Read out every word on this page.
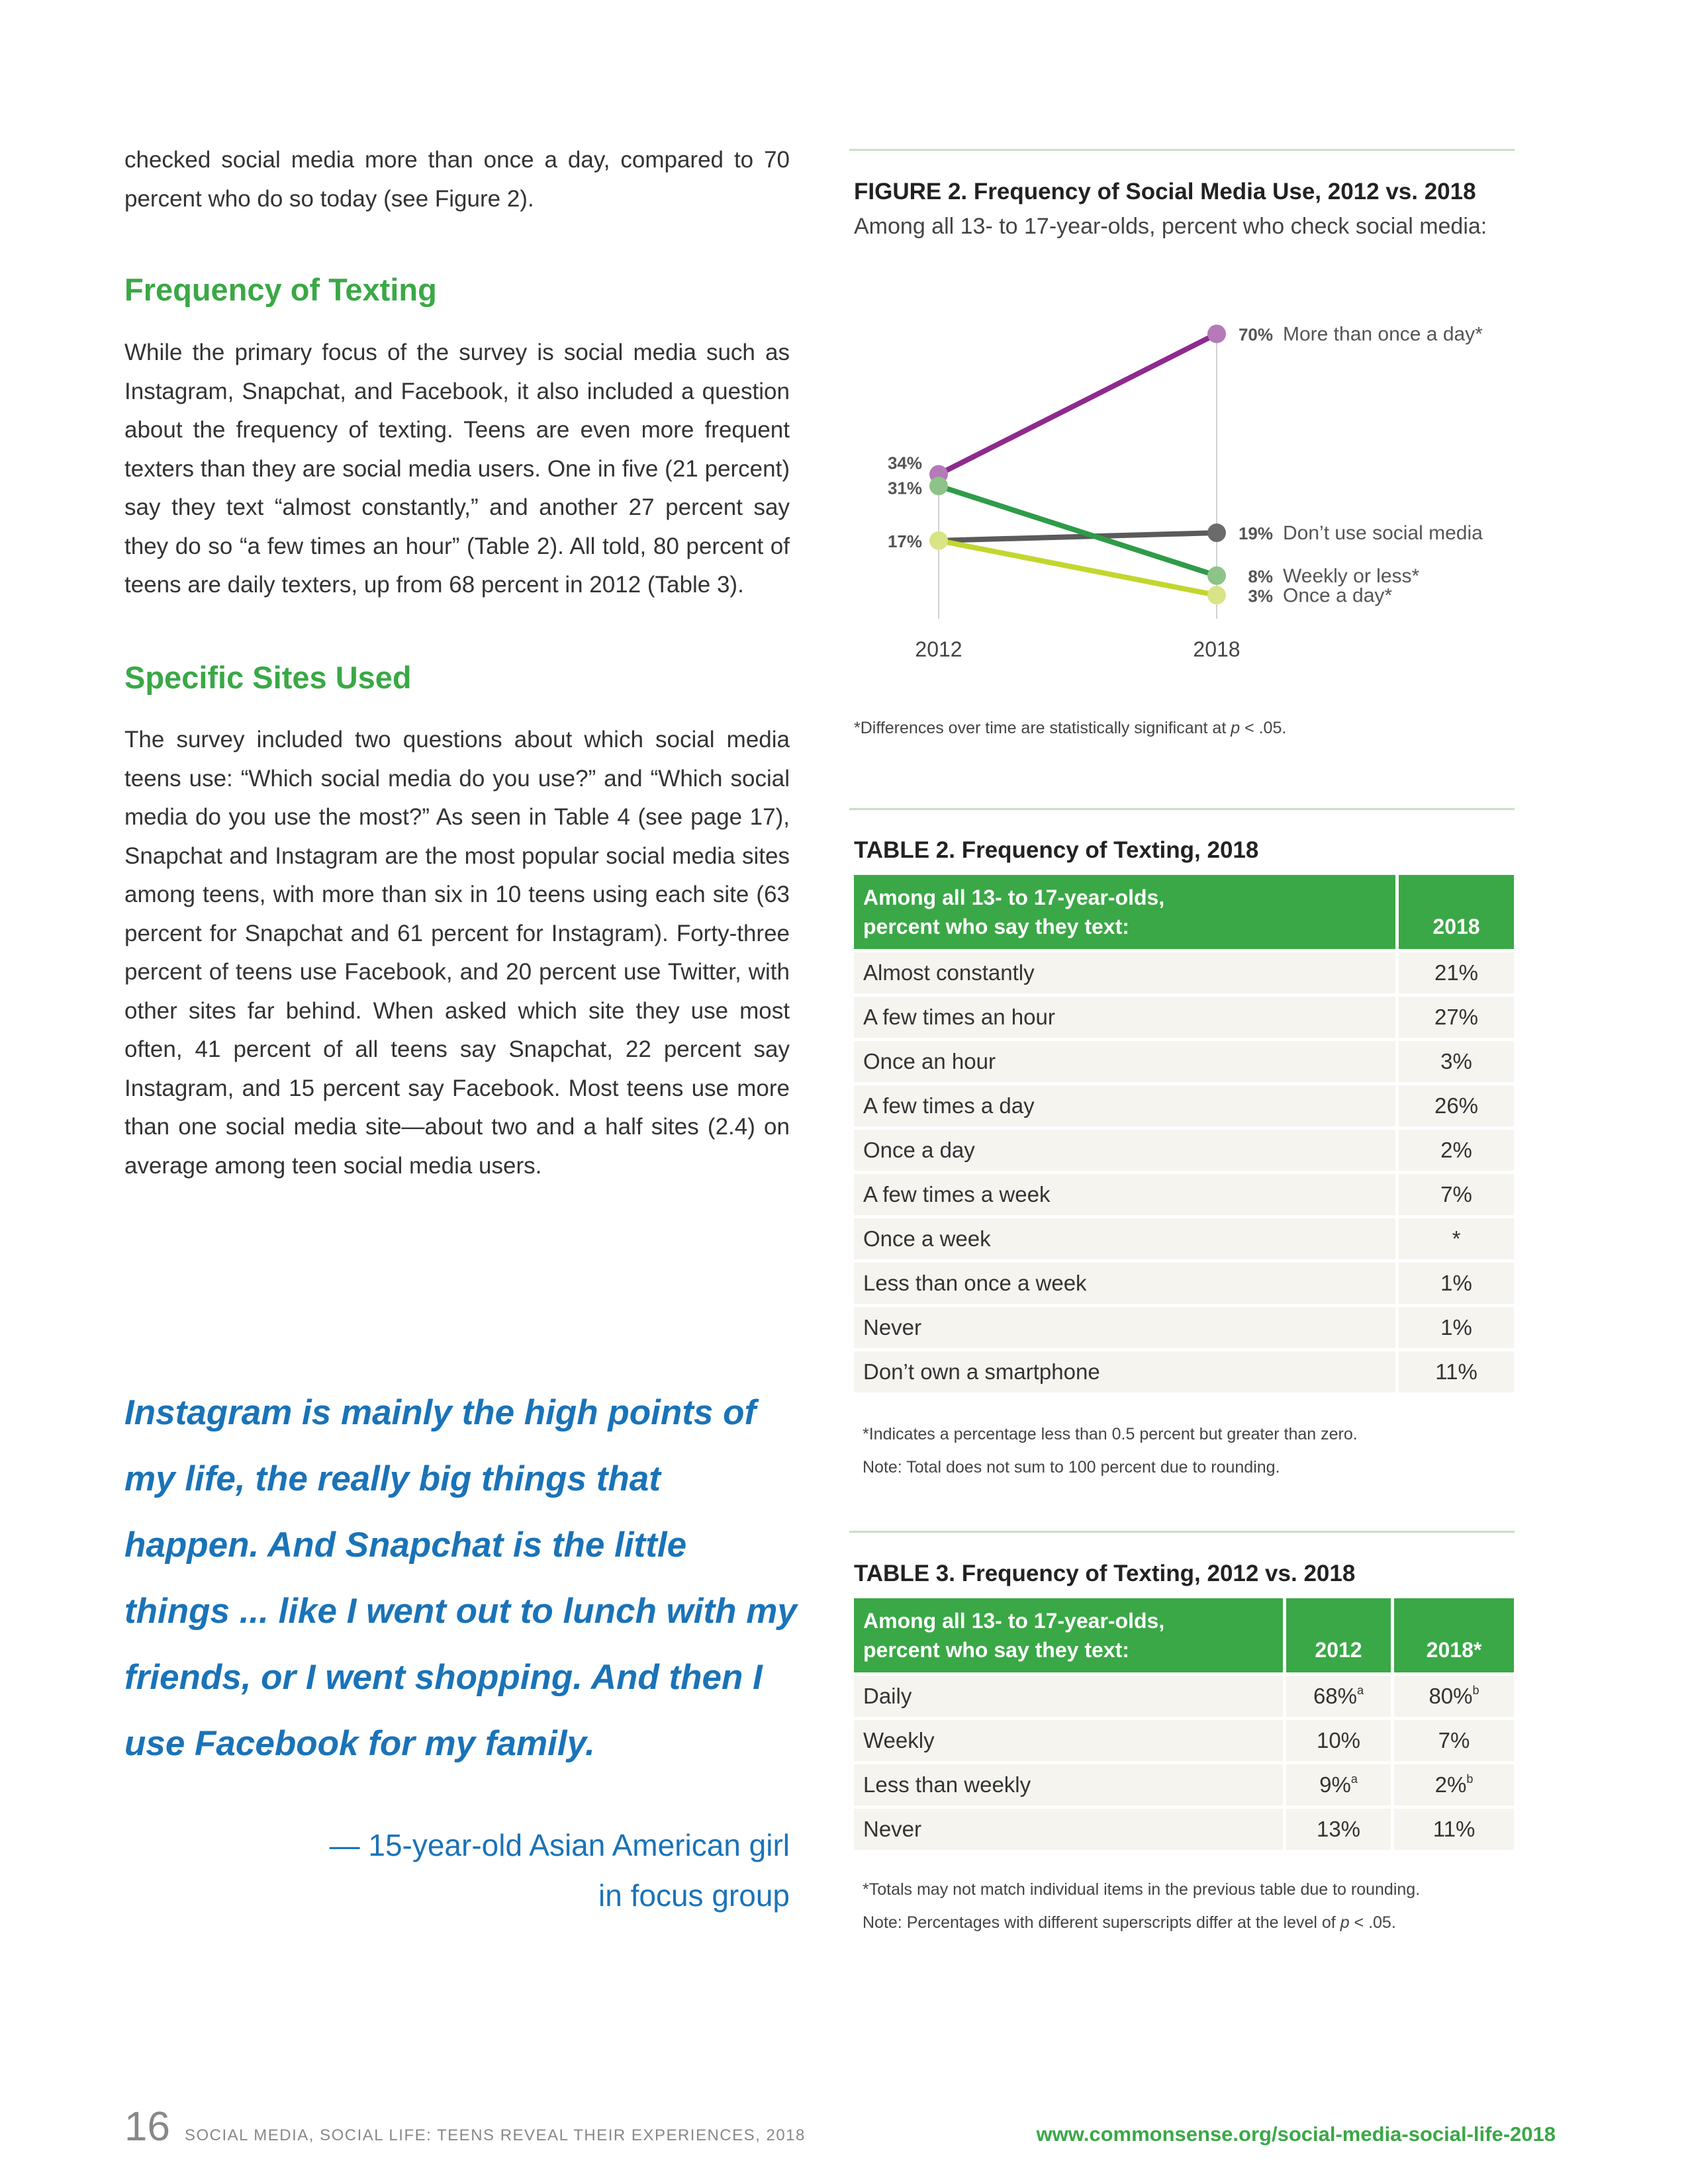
checked social media more than once a day, compared to 70 percent who do so today (see Figure 2).

Frequency of Texting

While the primary focus of the survey is social media such as Instagram, Snapchat, and Facebook, it also included a question about the frequency of texting. Teens are even more frequent texters than they are social media users. One in five (21 percent) say they text “almost constantly,” and another 27 percent say they do so “a few times an hour” (Table 2). All told, 80 percent of teens are daily texters, up from 68 percent in 2012 (Table 3).

Specific Sites Used

The survey included two questions about which social media teens use: “Which social media do you use?” and “Which social media do you use the most?” As seen in Table 4 (see page 17), Snapchat and Instagram are the most popular social media sites among teens, with more than six in 10 teens using each site (63 percent for Snapchat and 61 percent for Instagram). Forty-three percent of teens use Facebook, and 20 percent use Twitter, with other sites far behind. When asked which site they use most often, 41 percent of all teens say Snapchat, 22 percent say Instagram, and 15 percent say Facebook. Most teens use more than one social media site—about two and a half sites (2.4) on average among teen social media users.

Instagram is mainly the high points of my life, the really big things that happen. And Snapchat is the little things ... like I went out to lunch with my friends, or I went shopping. And then I use Facebook for my family.

— 15-year-old Asian American girl
in focus group
FIGURE 2. Frequency of Social Media Use, 2012 vs. 2018
Among all 13- to 17-year-olds, percent who check social media:
2012	2018
34%
70% More than once a day*
17%	19% Don’t use social media
31%
8% Weekly or less*
3% Once a day*
*Differences over time are statistically significant at p < .05.
TABLE 2. Frequency of Texting, 2018
Among all 13- to 17-year-olds,
percent who say they text:	2018
Almost constantly	21%
A few times an hour	27%
Once an hour	3%
A few times a day	26%
Once a day	2%
A few times a week	7%
Once a week	*
Less than once a week	1%
Never	1%
Don’t own a smartphone	11%
*Indicates a percentage less than 0.5 percent but greater than zero.
Note: Total does not sum to 100 percent due to rounding.
TABLE 3. Frequency of Texting, 2012 vs. 2018
Among all 13- to 17-year-olds,
percent who say they text:	2012	2018*
Daily	68%$^a$	80%$^b$
Weekly	10%	7%
Less than weekly	9%$^a$	2%$^b$
Never	13%	11%
*Totals may not match individual items in the previous table due to rounding.
Note: Percentages with different superscripts differ at the level of p < .05.
16 SOCIAL MEDIA, SOCIAL LIFE: TEENS REVEAL THEIR EXPERIENCES, 2018	www.commonsense.org/social-media-social-life-2018
